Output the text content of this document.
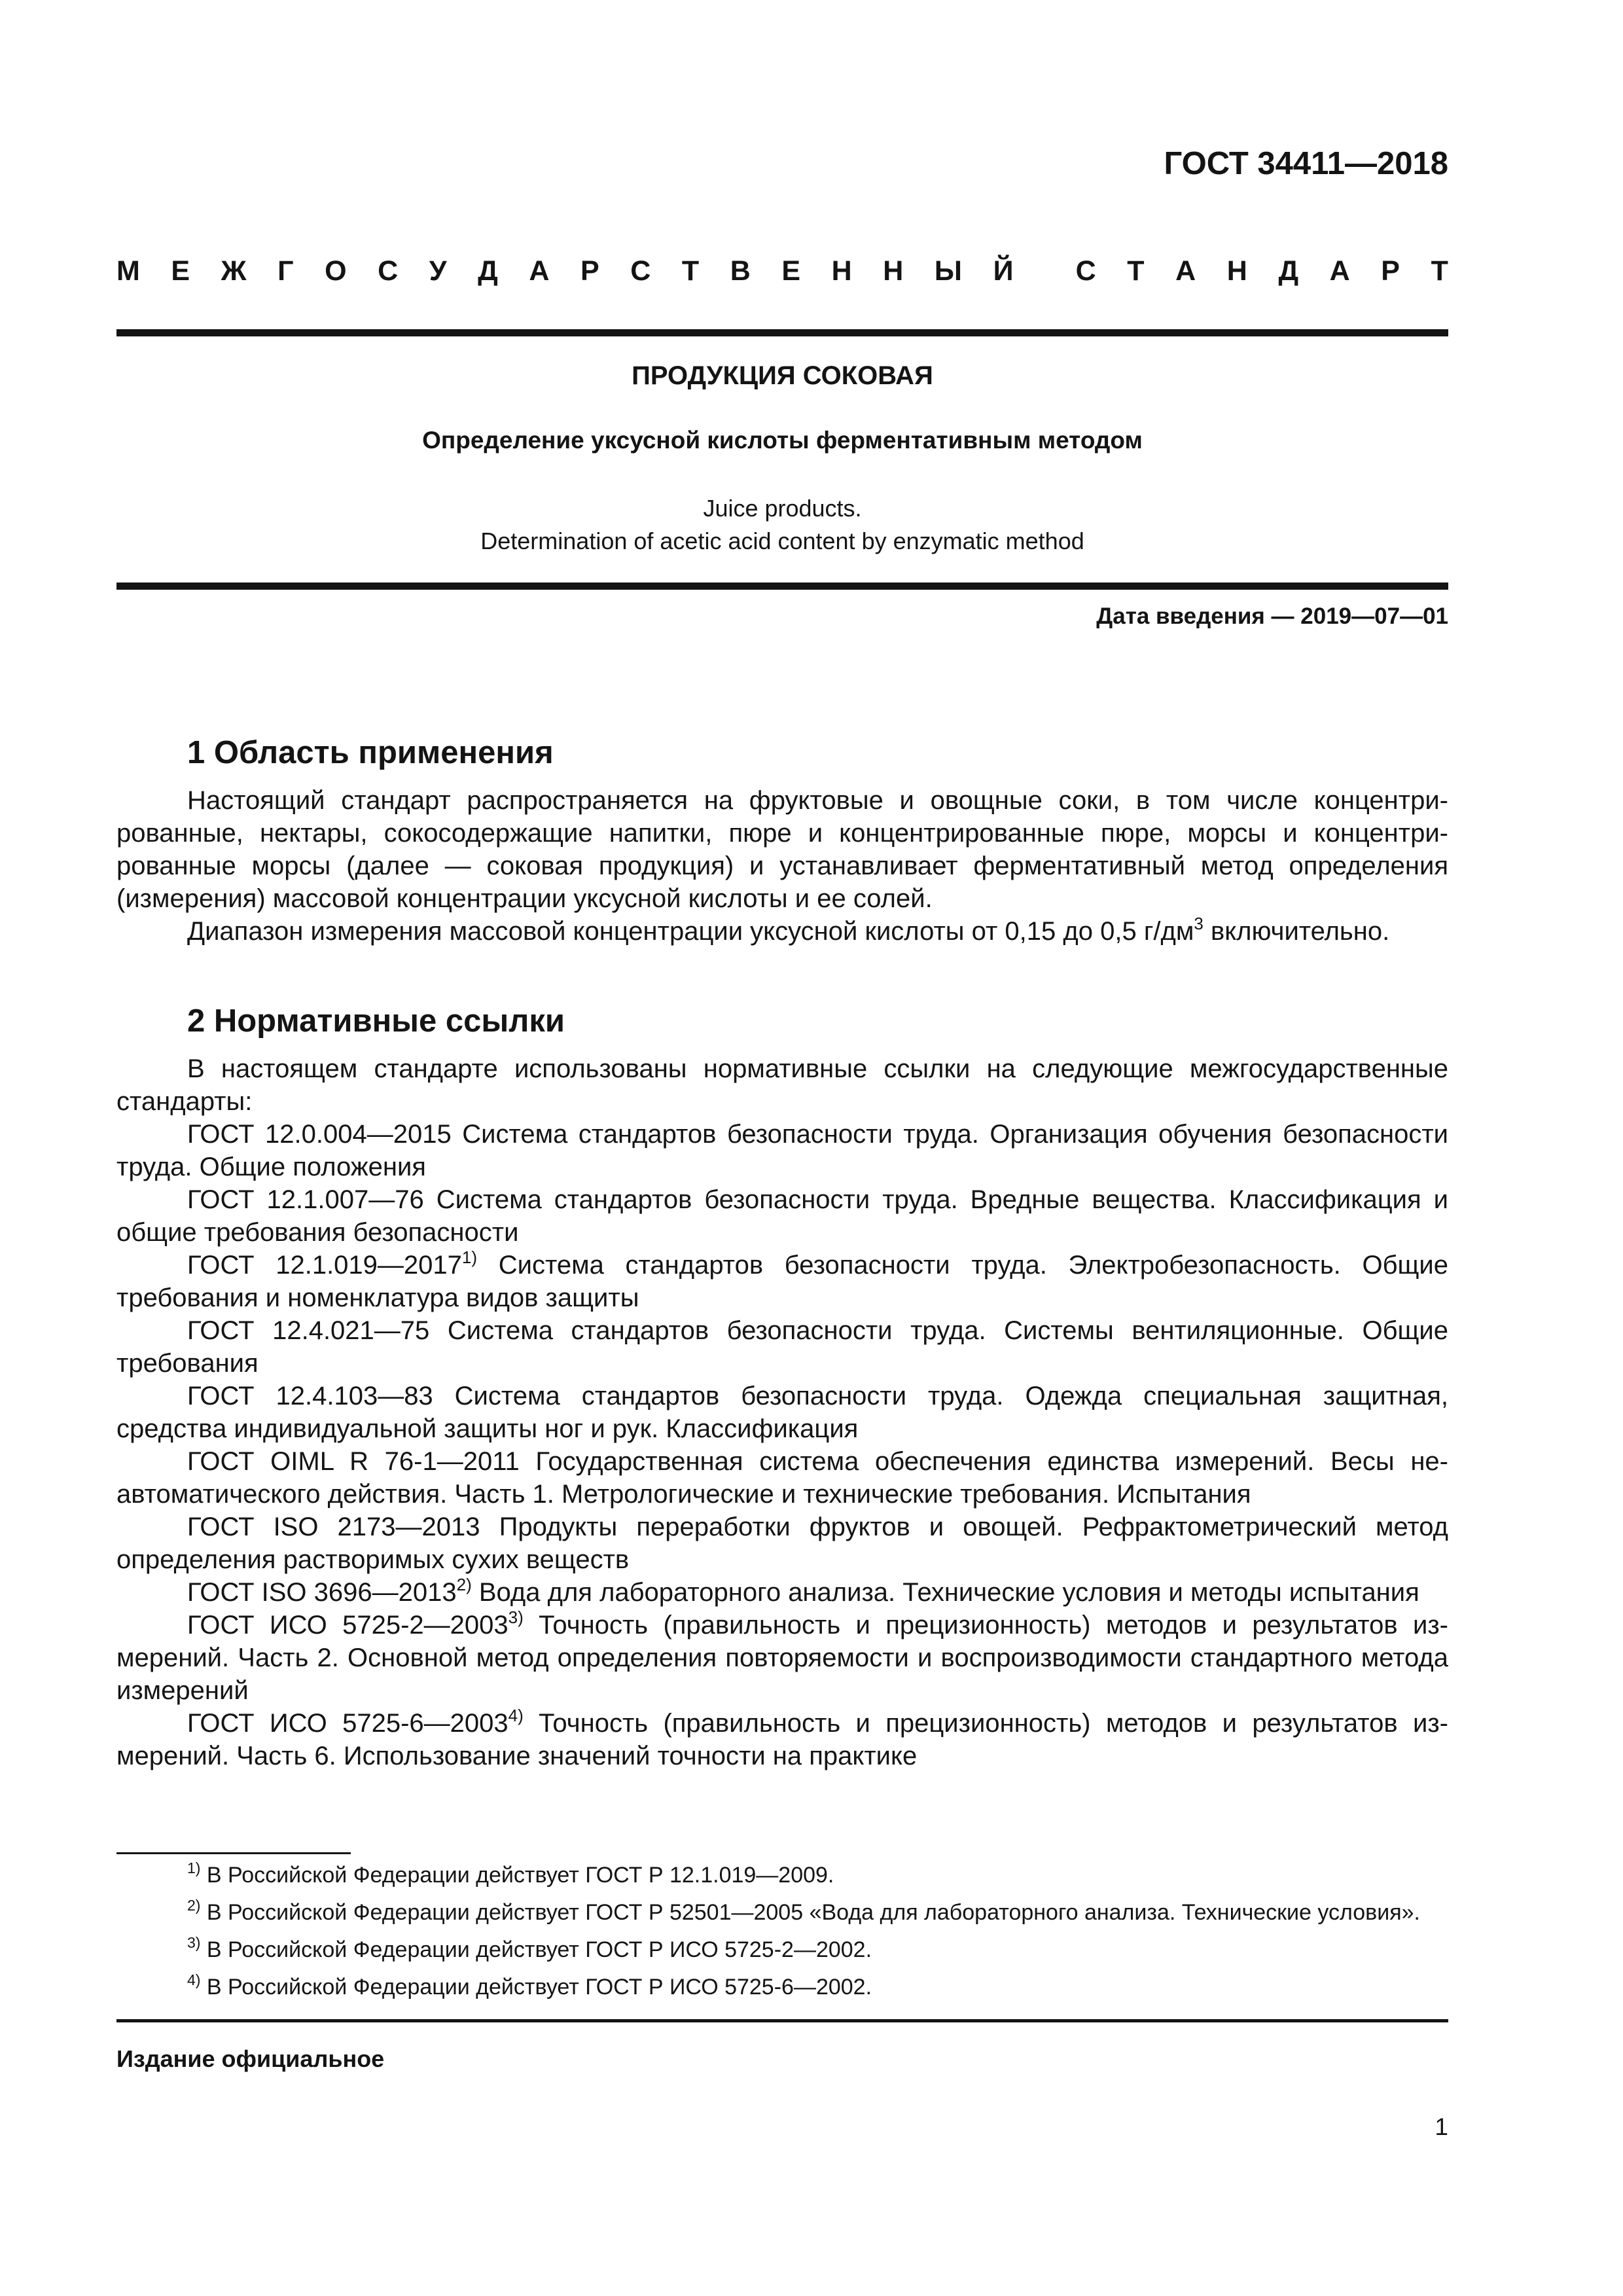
ГОСТ 34411—2018
М Е Ж Г О С У Д А Р С Т В Е Н Н Ы Й С Т А Н Д А Р Т
ПРОДУКЦИЯ СОКОВАЯ
Определение уксусной кислоты ферментативным методом
Juice products.
Determination of acetic acid content by enzymatic method
Дата введения — 2019—07—01
1 Область применения

Настоящий стандарт распространяется на фруктовые и овощные соки, в том числе концентрированные, нектары, сокосодержащие напитки, пюре и концентрированные пюре, морсы и концентрированные морсы (далее — соковая продукция) и устанавливает ферментативный метод определения (измерения) массовой концентрации уксусной кислоты и ее солей.

Диапазон измерения массовой концентрации уксусной кислоты от 0,15 до 0,5 $г/дм^3$ включительно.

2 Нормативные ссылки

В настоящем стандарте использованы нормативные ссылки на следующие межгосударственные стандарты:

ГОСТ 12.0.004—2015 Система стандартов безопасности труда. Организация обучения безопасности труда. Общие положения

ГОСТ 12.1.007—76 Система стандартов безопасности труда. Вредные вещества. Классификация и общие требования безопасности

ГОСТ 12.1.019—2017$^{1)}$ Система стандартов безопасности труда. Электробезопасность. Общие требования и номенклатура видов защиты

ГОСТ 12.4.021—75 Система стандартов безопасности труда. Системы вентиляционные. Общие требования

ГОСТ 12.4.103—83 Система стандартов безопасности труда. Одежда специальная защитная, средства индивидуальной защиты ног и рук. Классификация

ГОСТ OIML R 76-1—2011 Государственная система обеспечения единства измерений. Весы неавтоматического действия. Часть 1. Метрологические и технические требования. Испытания

ГОСТ ISO 2173—2013 Продукты переработки фруктов и овощей. Рефрактометрический метод определения растворимых сухих веществ

ГОСТ ISO 3696—2013$^{2)}$ Вода для лабораторного анализа. Технические условия и методы испытания

ГОСТ ИСО 5725-2—2003$^{3)}$ Точность (правильность и прецизионность) методов и результатов измерений. Часть 2. Основной метод определения повторяемости и воспроизводимости стандартного метода измерений

ГОСТ ИСО 5725-6—2003$^{4)}$ Точность (правильность и прецизионность) методов и результатов измерений. Часть 6. Использование значений точности на практике

$^{1)}$ В Российской Федерации действует ГОСТ Р 12.1.019—2009.

$^{2)}$ В Российской Федерации действует ГОСТ Р 52501—2005 «Вода для лабораторного анализа. Технические условия».

$^{3)}$ В Российской Федерации действует ГОСТ Р ИСО 5725-2—2002.

$^{4)}$ В Российской Федерации действует ГОСТ Р ИСО 5725-6—2002.

Издание официальное
1
